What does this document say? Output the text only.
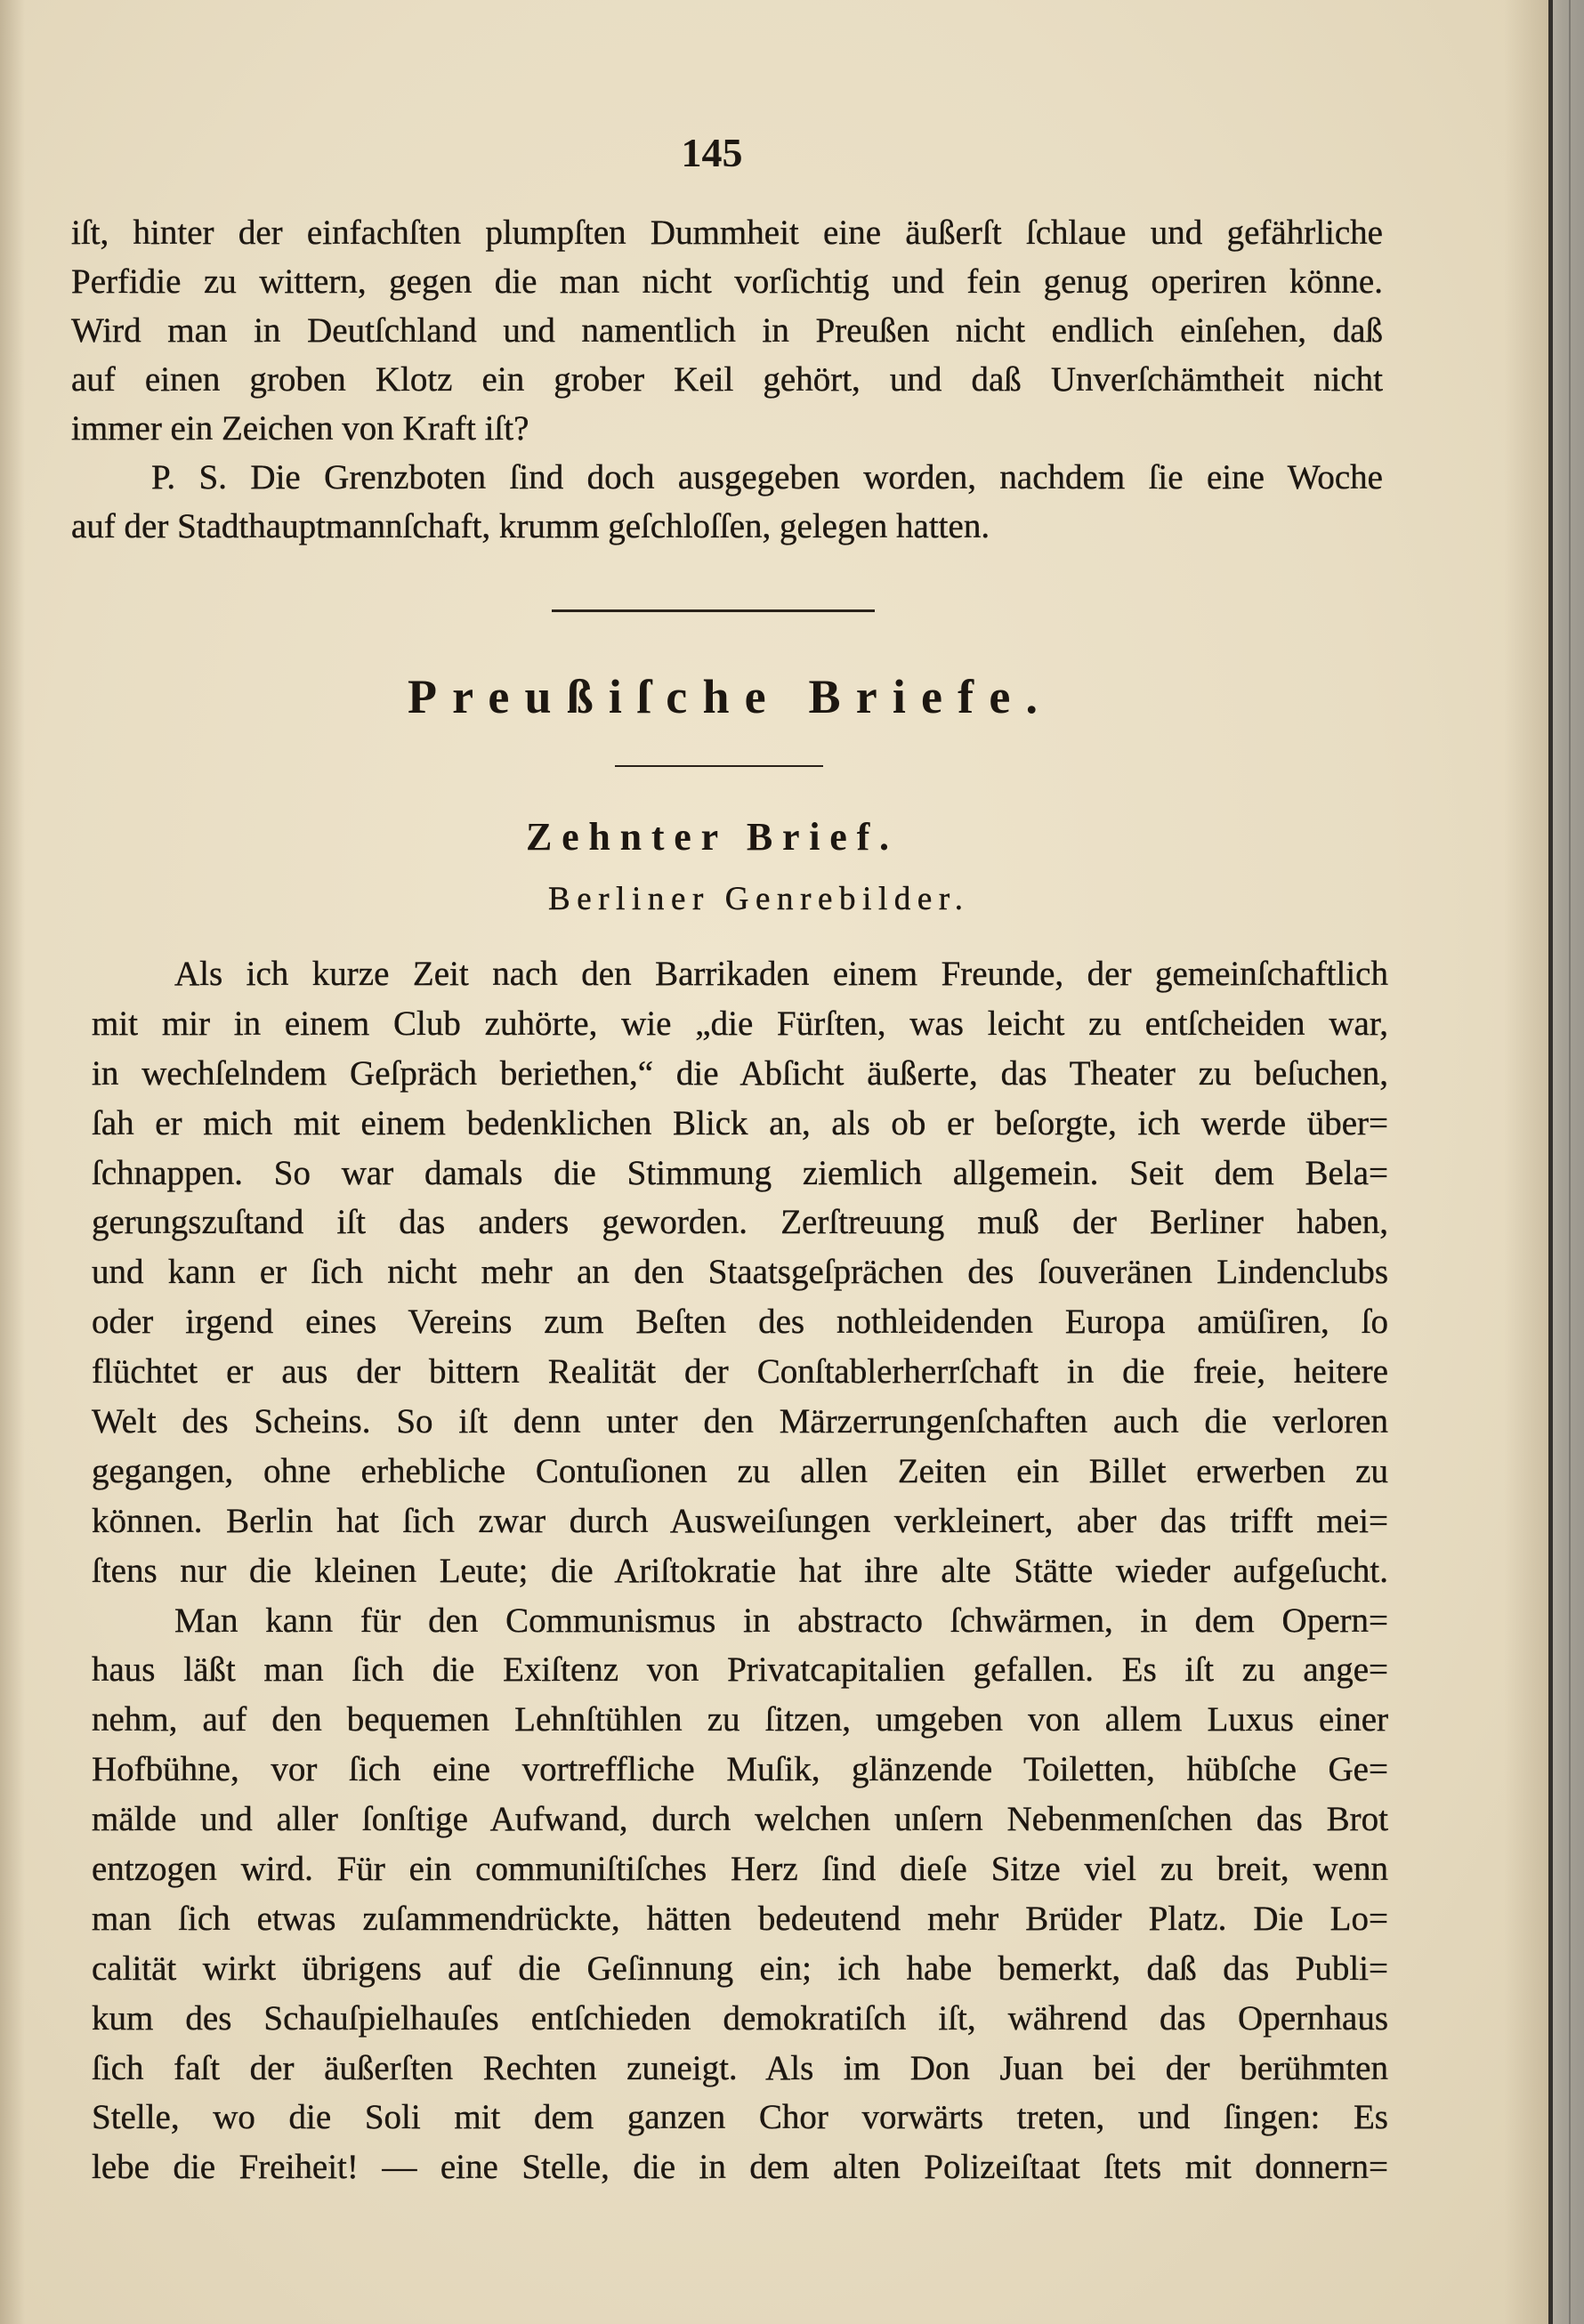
145
iſt, hinter der einfachſten plumpſten Dummheit eine äußerſt ſchlaue und gefährliche
Perfidie zu wittern, gegen die man nicht vorſichtig und fein genug operiren könne.
Wird man in Deutſchland und namentlich in Preußen nicht endlich einſehen, daß
auf einen groben Klotz ein grober Keil gehört, und daß Unverſchämtheit nicht
immer ein Zeichen von Kraft iſt?
P. S. Die Grenzboten ſind doch ausgegeben worden, nachdem ſie eine Woche
auf der Stadthauptmannſchaft, krumm geſchloſſen, gelegen hatten.
Preußiſche Briefe.
Zehnter Brief.
Berliner Genrebilder.
Als ich kurze Zeit nach den Barrikaden einem Freunde, der gemeinſchaftlich
mit mir in einem Club zuhörte, wie „die Fürſten, was leicht zu entſcheiden war,
in wechſelndem Geſpräch beriethen,“ die Abſicht äußerte, das Theater zu beſuchen,
ſah er mich mit einem bedenklichen Blick an, als ob er beſorgte, ich werde über=
ſchnappen. So war damals die Stimmung ziemlich allgemein. Seit dem Bela=
gerungszuſtand iſt das anders geworden. Zerſtreuung muß der Berliner haben,
und kann er ſich nicht mehr an den Staatsgeſprächen des ſouveränen Lindenclubs
oder irgend eines Vereins zum Beſten des nothleidenden Europa amüſiren, ſo
flüchtet er aus der bittern Realität der Conſtablerherrſchaft in die freie, heitere
Welt des Scheins. So iſt denn unter den Märzerrungenſchaften auch die verloren
gegangen, ohne erhebliche Contuſionen zu allen Zeiten ein Billet erwerben zu
können. Berlin hat ſich zwar durch Ausweiſungen verkleinert, aber das trifft mei=
ſtens nur die kleinen Leute; die Ariſtokratie hat ihre alte Stätte wieder aufgeſucht.
Man kann für den Communismus in abstracto ſchwärmen, in dem Opern=
haus läßt man ſich die Exiſtenz von Privatcapitalien gefallen. Es iſt zu ange=
nehm, auf den bequemen Lehnſtühlen zu ſitzen, umgeben von allem Luxus einer
Hofbühne, vor ſich eine vortreffliche Muſik, glänzende Toiletten, hübſche Ge=
mälde und aller ſonſtige Aufwand, durch welchen unſern Nebenmenſchen das Brot
entzogen wird. Für ein communiſtiſches Herz ſind dieſe Sitze viel zu breit, wenn
man ſich etwas zuſammendrückte, hätten bedeutend mehr Brüder Platz. Die Lo=
calität wirkt übrigens auf die Geſinnung ein; ich habe bemerkt, daß das Publi=
kum des Schauſpielhauſes entſchieden demokratiſch iſt, während das Opernhaus
ſich faſt der äußerſten Rechten zuneigt. Als im Don Juan bei der berühmten
Stelle, wo die Soli mit dem ganzen Chor vorwärts treten, und ſingen: Es
lebe die Freiheit! — eine Stelle, die in dem alten Polizeiſtaat ſtets mit donnern=
